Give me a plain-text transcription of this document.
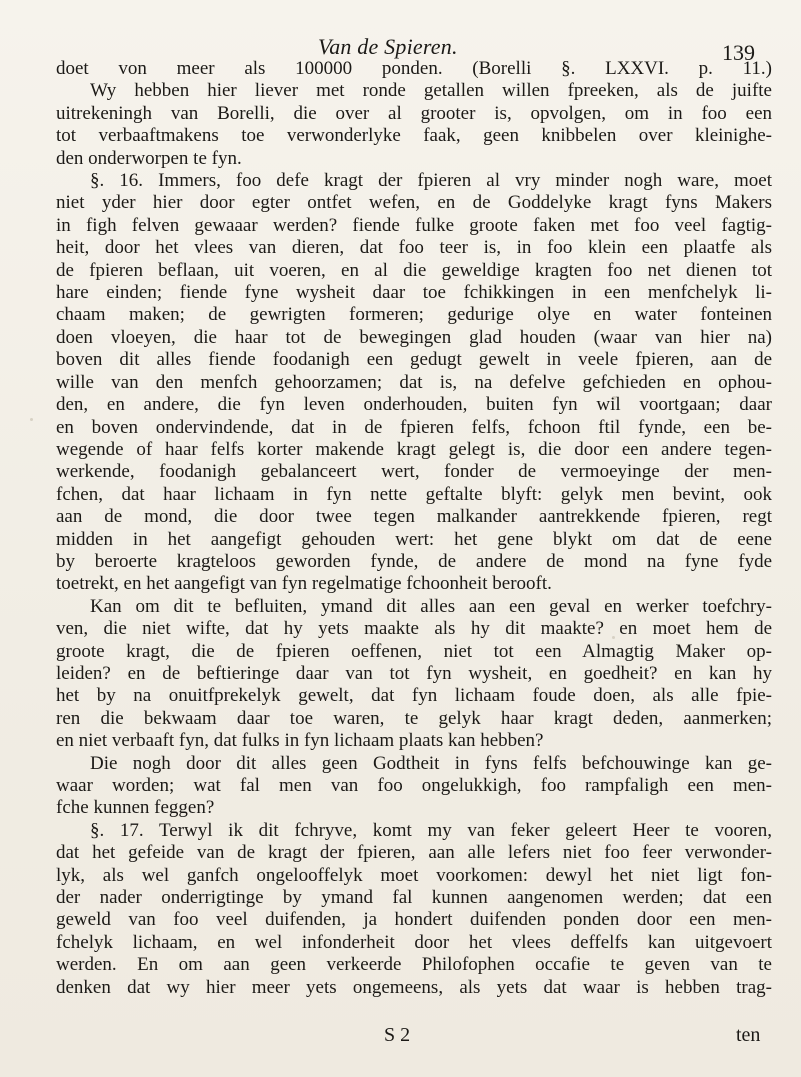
Van de Spieren.	139
doet von meer als 100000 ponden. (Borelli §. LXXVI. p. 11.)
Wy hebben hier liever met ronde getallen willen fpreeken, als de juifte
uitrekeningh van Borelli, die over al grooter is, opvolgen, om in foo een
tot verbaaftmakens toe verwonderlyke faak, geen knibbelen over kleinighe-
den onderworpen te fyn.
§. 16. Immers, foo defe kragt der fpieren al vry minder nogh ware, moet
niet yder hier door egter ontfet wefen, en de Goddelyke kragt fyns Makers
in figh felven gewaaar werden? fiende fulke groote faken met foo veel fagtig-
heit, door het vlees van dieren, dat foo teer is, in foo klein een plaatfe als
de fpieren beflaan, uit voeren, en al die geweldige kragten foo net dienen tot
hare einden; fiende fyne wysheit daar toe fchikkingen in een menfchelyk li-
chaam maken; de gewrigten formeren; gedurige olye en water fonteinen
doen vloeyen, die haar tot de bewegingen glad houden (waar van hier na)
boven dit alles fiende foodanigh een gedugt gewelt in veele fpieren, aan de
wille van den menfch gehoorzamen; dat is, na defelve gefchieden en ophou-
den, en andere, die fyn leven onderhouden, buiten fyn wil voortgaan; daar
en boven ondervindende, dat in de fpieren felfs, fchoon ftil fynde, een be-
wegende of haar felfs korter makende kragt gelegt is, die door een andere tegen-
werkende, foodanigh gebalanceert wert, fonder de vermoeyinge der men-
fchen, dat haar lichaam in fyn nette geftalte blyft: gelyk men bevint, ook
aan de mond, die door twee tegen malkander aantrekkende fpieren, regt
midden in het aangefigt gehouden wert: het gene blykt om dat de eene
by beroerte kragteloos geworden fynde, de andere de mond na fyne fyde
toetrekt, en het aangefigt van fyn regelmatige fchoonheit berooft.
Kan om dit te befluiten, ymand dit alles aan een geval en werker toefchry-
ven, die niet wifte, dat hy yets maakte als hy dit maakte? en moet hem de
groote kragt, die de fpieren oeffenen, niet tot een Almagtig Maker op-
leiden? en de beftieringe daar van tot fyn wysheit, en goedheit? en kan hy
het by na onuitfprekelyk gewelt, dat fyn lichaam foude doen, als alle fpie-
ren die bekwaam daar toe waren, te gelyk haar kragt deden, aanmerken;
en niet verbaaft fyn, dat fulks in fyn lichaam plaats kan hebben?
Die nogh door dit alles geen Godtheit in fyns felfs befchouwinge kan ge-
waar worden; wat fal men van foo ongelukkigh, foo rampfaligh een men-
fche kunnen feggen?
§. 17. Terwyl ik dit fchryve, komt my van feker geleert Heer te vooren,
dat het gefeide van de kragt der fpieren, aan alle lefers niet foo feer verwonder-
lyk, als wel ganfch ongelooffelyk moet voorkomen: dewyl het niet ligt fon-
der nader onderrigtinge by ymand fal kunnen aangenomen werden; dat een
geweld van foo veel duifenden, ja hondert duifenden ponden door een men-
fchelyk lichaam, en wel infonderheit door het vlees deffelfs kan uitgevoert
werden. En om aan geen verkeerde Philofophen occafie te geven van te
denken dat wy hier meer yets ongemeens, als yets dat waar is hebben trag-
S 2	ten
